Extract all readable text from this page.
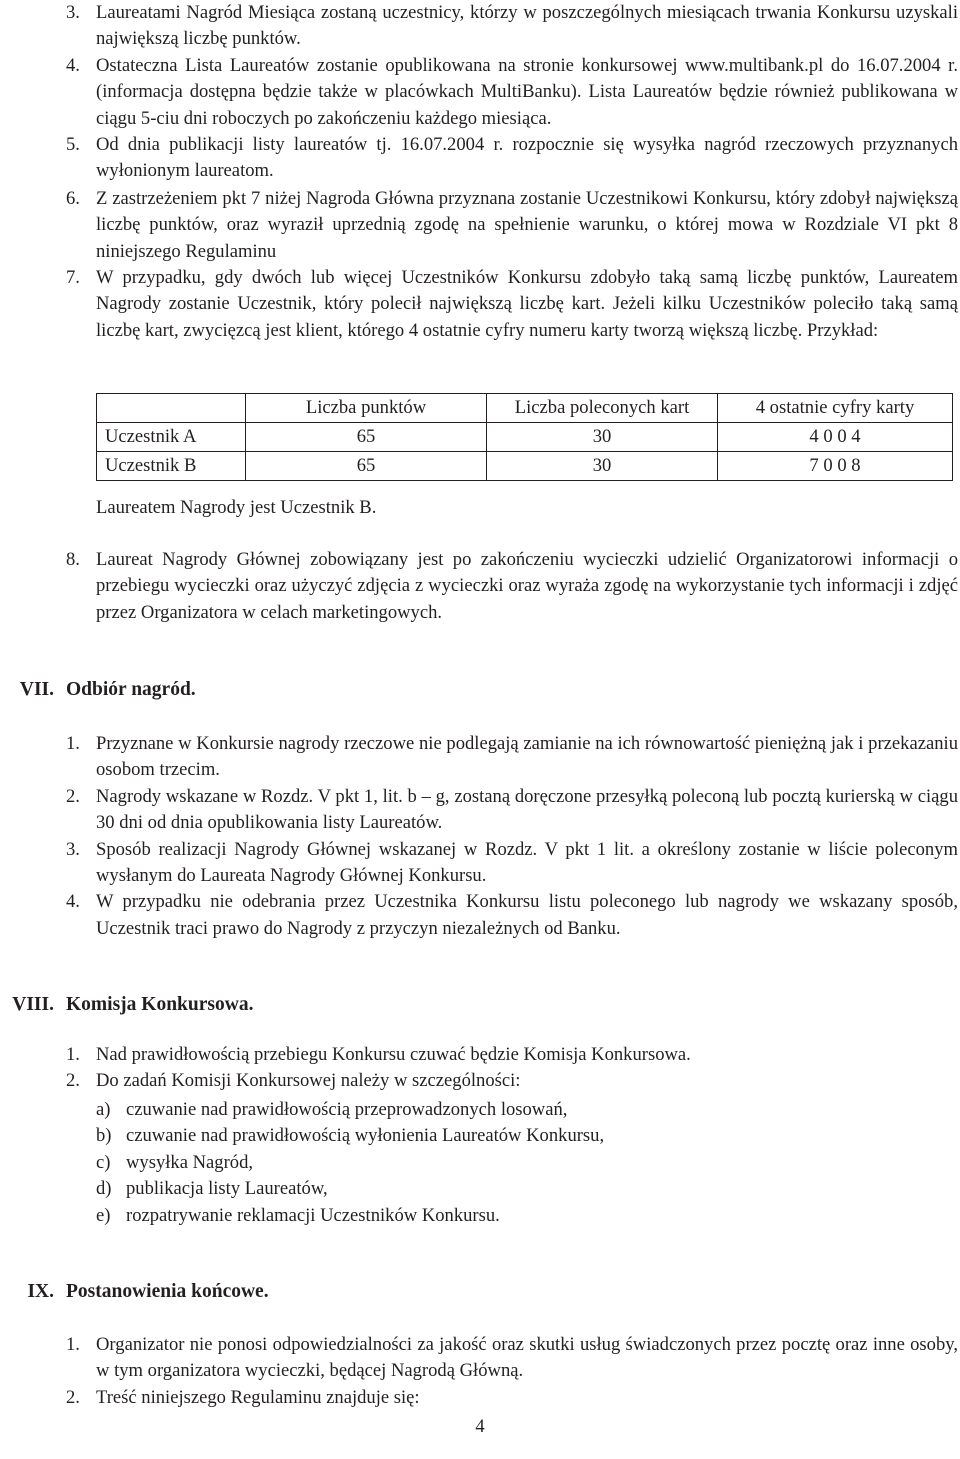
3. Laureatami Nagród Miesiąca zostaną uczestnicy, którzy w poszczególnych miesiącach trwania Konkursu uzyskali największą liczbę punktów.
4. Ostateczna Lista Laureatów zostanie opublikowana na stronie konkursowej www.multibank.pl do 16.07.2004 r. (informacja dostępna będzie także w placówkach MultiBanku). Lista Laureatów będzie również publikowana w ciągu 5-ciu dni roboczych po zakończeniu każdego miesiąca.
5. Od dnia publikacji listy laureatów tj. 16.07.2004 r. rozpocznie się wysyłka nagród rzeczowych przyznanych wyłonionym laureatom.
6. Z zastrzeżeniem pkt 7 niżej Nagroda Główna przyznana zostanie Uczestnikowi Konkursu, który zdobył największą liczbę punktów, oraz wyraził uprzednią zgodę na spełnienie warunku, o której mowa w Rozdziale VI pkt 8 niniejszego Regulaminu
7. W przypadku, gdy dwóch lub więcej Uczestników Konkursu zdobyło taką samą liczbę punktów, Laureatem Nagrody zostanie Uczestnik, który polecił największą liczbę kart. Jeżeli kilku Uczestników poleciło taką samą liczbę kart, zwycięzcą jest klient, którego 4 ostatnie cyfry numeru karty tworzą większą liczbę. Przykład:
	Liczba punktów	Liczba poleconych kart	4 ostatnie cyfry karty
Uczestnik A	65	30	4 0 0 4
Uczestnik B	65	30	7 0 0 8
Laureatem Nagrody jest Uczestnik B.
8. Laureat Nagrody Głównej zobowiązany jest po zakończeniu wycieczki udzielić Organizatorowi informacji o przebiegu wycieczki oraz użyczyć zdjęcia z wycieczki oraz wyraża zgodę na wykorzystanie tych informacji i zdjęć przez Organizatora w celach marketingowych.
VII. Odbiór nagród.
1. Przyznane w Konkursie nagrody rzeczowe nie podlegają zamianie na ich równowartość pieniężną jak i przekazaniu osobom trzecim.
2. Nagrody wskazane w Rozdz. V pkt 1, lit. b – g, zostaną doręczone przesyłką poleconą lub pocztą kurierską w ciągu 30 dni od dnia opublikowania listy Laureatów.
3. Sposób realizacji Nagrody Głównej wskazanej w Rozdz. V pkt 1 lit. a określony zostanie w liście poleconym wysłanym do Laureata Nagrody Głównej Konkursu.
4. W przypadku nie odebrania przez Uczestnika Konkursu listu poleconego lub nagrody we wskazany sposób, Uczestnik traci prawo do Nagrody z przyczyn niezależnych od Banku.
VIII. Komisja Konkursowa.
1. Nad prawidłowością przebiegu Konkursu czuwać będzie Komisja Konkursowa.
2. Do zadań Komisji Konkursowej należy w szczególności:
a) czuwanie nad prawidłowością przeprowadzonych losowań,
b) czuwanie nad prawidłowością wyłonienia Laureatów Konkursu,
c) wysyłka Nagród,
d) publikacja listy Laureatów,
e) rozpatrywanie reklamacji Uczestników Konkursu.
IX. Postanowienia końcowe.
1. Organizator nie ponosi odpowiedzialności za jakość oraz skutki usług świadczonych przez pocztę oraz inne osoby, w tym organizatora wycieczki, będącej Nagrodą Główną.
2. Treść niniejszego Regulaminu znajduje się:
4
